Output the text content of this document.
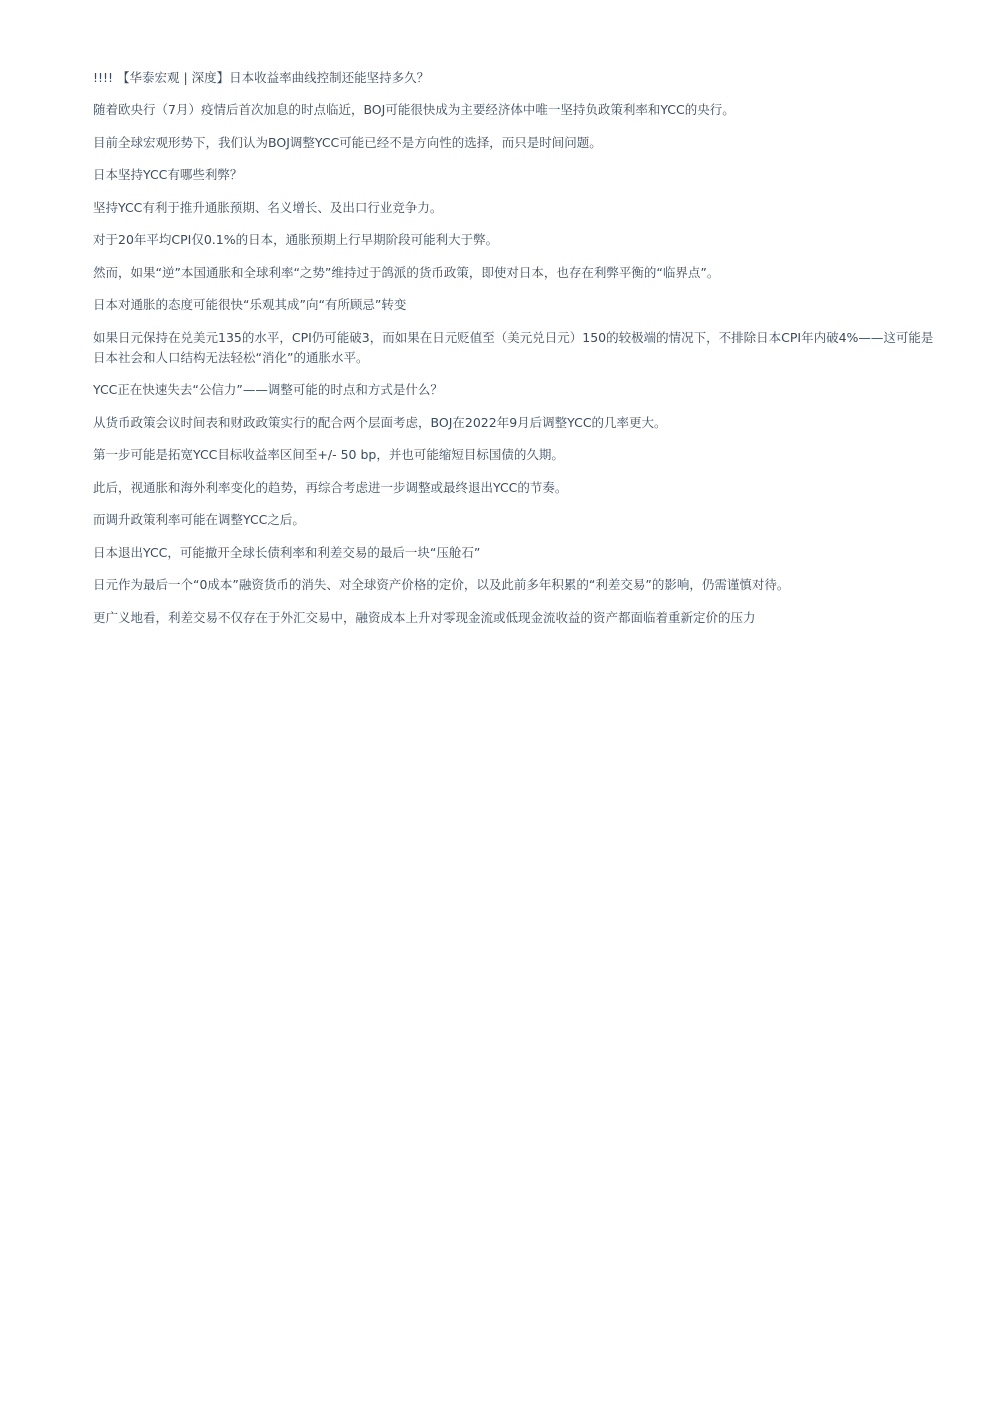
!!!! 【华泰宏观 | 深度】日本收益率曲线控制还能坚持多久？

随着欧央行（7月）疫情后首次加息的时点临近，BOJ可能很快成为主要经济体中唯一坚持负政策利率和YCC的央行。

目前全球宏观形势下，我们认为BOJ调整YCC可能已经不是方向性的选择，而只是时间问题。

日本坚持YCC有哪些利弊？

坚持YCC有利于推升通胀预期、名义增长、及出口行业竞争力。

对于20年平均CPI仅0.1%的日本，通胀预期上行早期阶段可能利大于弊。

然而，如果“逆”本国通胀和全球利率“之势”维持过于鸽派的货币政策，即使对日本，也存在利弊平衡的“临界点”。

日本对通胀的态度可能很快“乐观其成”向“有所顾忌”转变

如果日元保持在兑美元135的水平，CPI仍可能破3，而如果在日元贬值至（美元兑日元）150的较极端的情况下，不排除日本CPI年内破4%——这可能是日本社会和人口结构无法轻松“消化”的通胀水平。

YCC正在快速失去“公信力”——调整可能的时点和方式是什么？

从货币政策会议时间表和财政政策实行的配合两个层面考虑，BOJ在2022年9月后调整YCC的几率更大。

第一步可能是拓宽YCC目标收益率区间至+/- 50 bp，并也可能缩短目标国债的久期。

此后，视通胀和海外利率变化的趋势，再综合考虑进一步调整或最终退出YCC的节奏。

而调升政策利率可能在调整YCC之后。

日本退出YCC，可能撤开全球长债利率和利差交易的最后一块“压舱石”

日元作为最后一个“0成本”融资货币的消失、对全球资产价格的定价，以及此前多年积累的“利差交易”的影响，仍需谨慎对待。

更广义地看，利差交易不仅存在于外汇交易中，融资成本上升对零现金流或低现金流收益的资产都面临着重新定价的压力
